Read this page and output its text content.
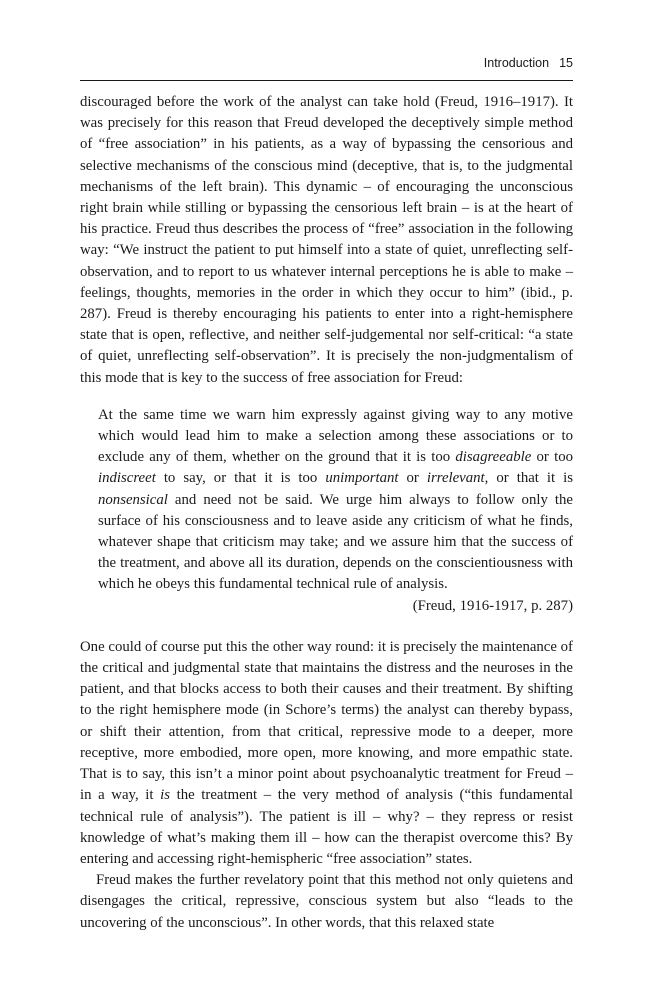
Introduction 15

discouraged before the work of the analyst can take hold (Freud, 1916–1917). It was precisely for this reason that Freud developed the deceptively simple method of “free association” in his patients, as a way of bypassing the censorious and selective mechanisms of the conscious mind (deceptive, that is, to the judgmental mechanisms of the left brain). This dynamic – of encouraging the unconscious right brain while stilling or bypassing the censorious left brain – is at the heart of his practice. Freud thus describes the process of “free” association in the following way: “We instruct the patient to put himself into a state of quiet, unreflecting self-observation, and to report to us whatever internal perceptions he is able to make – feelings, thoughts, memories in the order in which they occur to him” (ibid., p. 287). Freud is thereby encouraging his patients to enter into a right-hemisphere state that is open, reflective, and neither self-judgemental nor self-critical: “a state of quiet, unreflecting self-observation”. It is precisely the non-judgmentalism of this mode that is key to the success of free association for Freud:

At the same time we warn him expressly against giving way to any motive which would lead him to make a selection among these associations or to exclude any of them, whether on the ground that it is too disagreeable or too indiscreet to say, or that it is too unimportant or irrelevant, or that it is nonsensical and need not be said. We urge him always to follow only the surface of his consciousness and to leave aside any criticism of what he finds, whatever shape that criticism may take; and we assure him that the success of the treatment, and above all its duration, depends on the conscientiousness with which he obeys this fundamental technical rule of analysis.

(Freud, 1916-1917, p. 287)

One could of course put this the other way round: it is precisely the maintenance of the critical and judgmental state that maintains the distress and the neuroses in the patient, and that blocks access to both their causes and their treatment. By shifting to the right hemisphere mode (in Schore’s terms) the analyst can thereby bypass, or shift their attention, from that critical, repressive mode to a deeper, more receptive, more embodied, more open, more knowing, and more empathic state. That is to say, this isn’t a minor point about psychoanalytic treatment for Freud – in a way, it is the treatment – the very method of analysis (“this fundamental technical rule of analysis”). The patient is ill – why? – they repress or resist knowledge of what’s making them ill – how can the therapist overcome this? By entering and accessing right-hemispheric “free association” states.

Freud makes the further revelatory point that this method not only quietens and disengages the critical, repressive, conscious system but also “leads to the uncovering of the unconscious”. In other words, that this relaxed state
